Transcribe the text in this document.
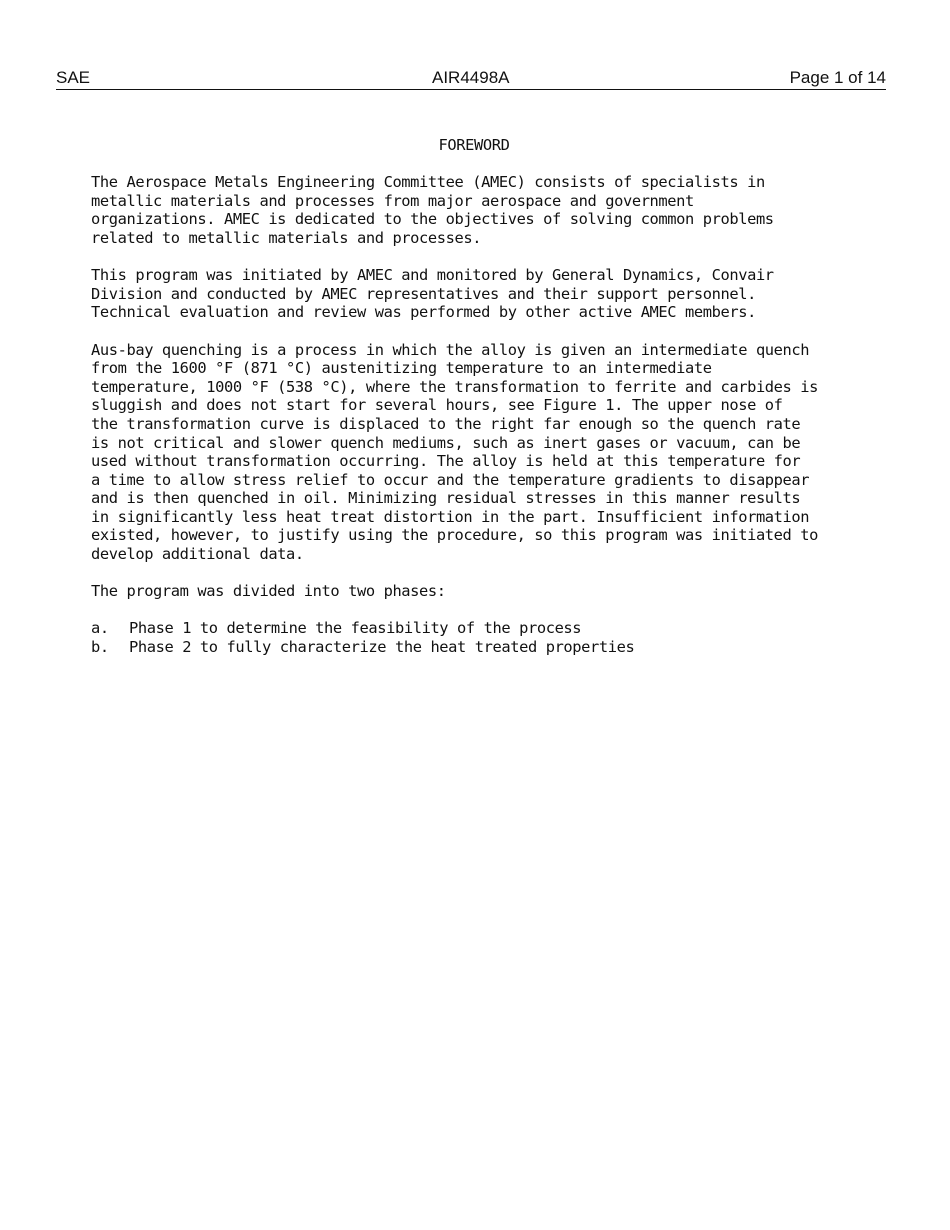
SAE	AIR4498A	Page 1 of 14
FOREWORD

The Aerospace Metals Engineering Committee (AMEC) consists of specialists in
metallic materials and processes from major aerospace and government
organizations. AMEC is dedicated to the objectives of solving common problems
related to metallic materials and processes.

This program was initiated by AMEC and monitored by General Dynamics, Convair
Division and conducted by AMEC representatives and their support personnel.
Technical evaluation and review was performed by other active AMEC members.

Aus-bay quenching is a process in which the alloy is given an intermediate quench
from the 1600 °F (871 °C) austenitizing temperature to an intermediate
temperature, 1000 °F (538 °C), where the transformation to ferrite and carbides is
sluggish and does not start for several hours, see Figure 1. The upper nose of
the transformation curve is displaced to the right far enough so the quench rate
is not critical and slower quench mediums, such as inert gases or vacuum, can be
used without transformation occurring. The alloy is held at this temperature for
a time to allow stress relief to occur and the temperature gradients to disappear
and is then quenched in oil. Minimizing residual stresses in this manner results
in significantly less heat treat distortion in the part. Insufficient information
existed, however, to justify using the procedure, so this program was initiated to
develop additional data.

The program was divided into two phases:

a. Phase 1 to determine the feasibility of the process
b. Phase 2 to fully characterize the heat treated properties
